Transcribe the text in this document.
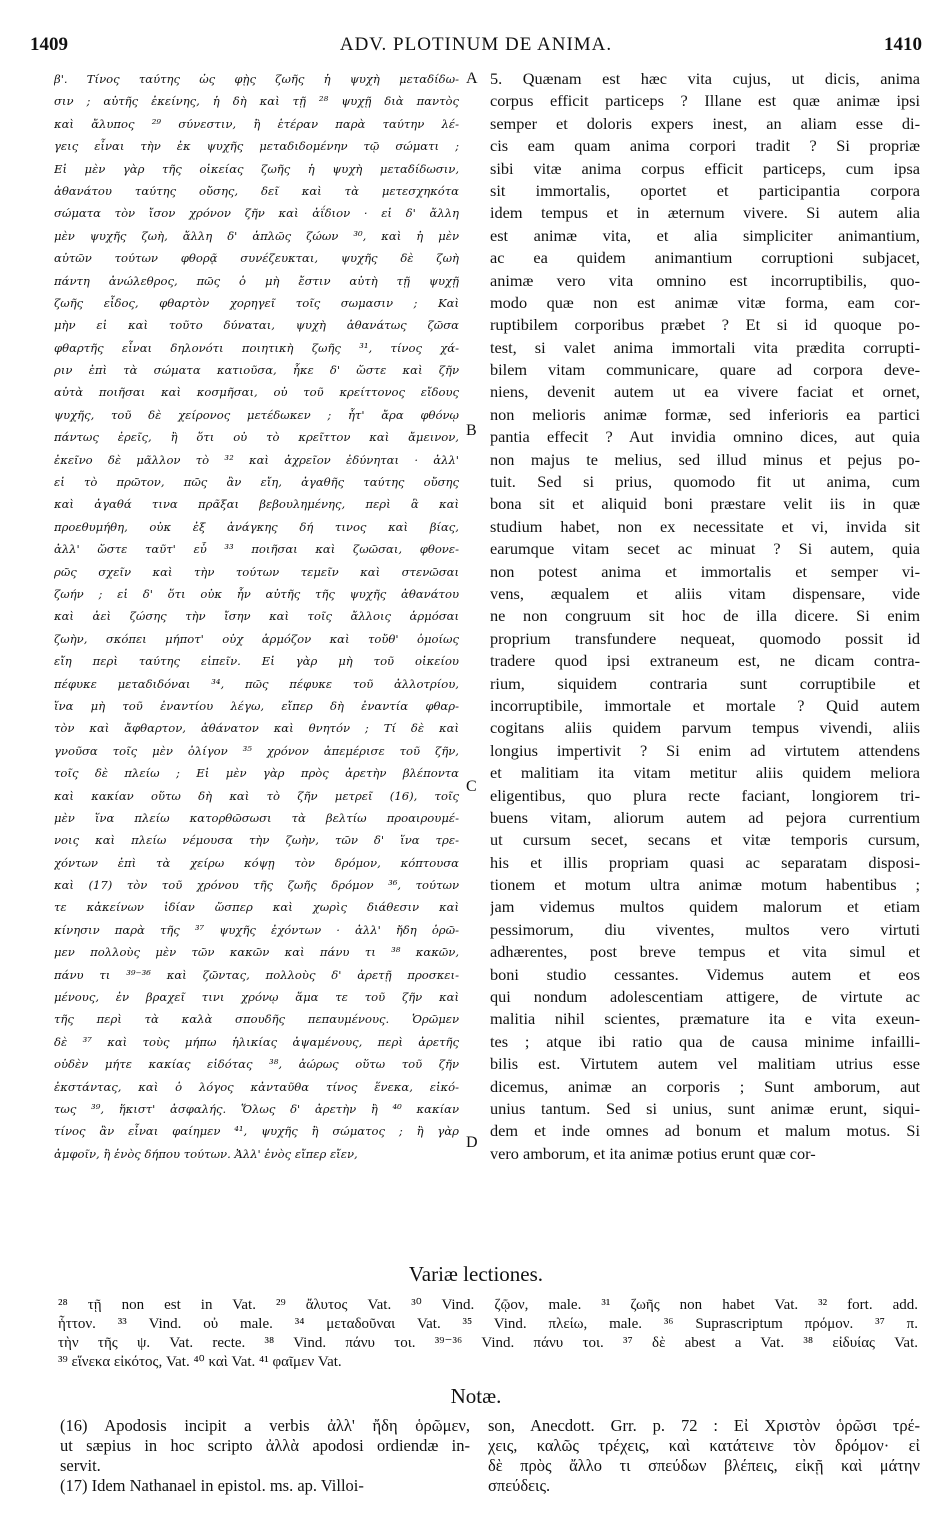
1409	ADV. PLOTINUM DE ANIMA.	1410
β'. Τίνος ταύτης ὡς φῂς ζωῆς ἡ ψυχὴ μεταδίδω-
σιν ; αὐτῆς ἐκείνης, ἡ δὴ καὶ τῇ ²⁸ ψυχῇ διὰ παντὸς
καὶ ἄλυπος ²⁹ σύνεστιν, ἢ ἑτέραν παρὰ ταύτην λέ-
γεις εἶναι τὴν ἐκ ψυχῆς μεταδιδομένην τῷ σώματι ;
Εἰ μὲν γὰρ τῆς οἰκείας ζωῆς ἡ ψυχὴ μεταδίδωσιν,
ἀθανάτου ταύτης οὔσης, δεῖ καὶ τὰ μετεσχηκότα
σώματα τὸν ἴσον χρόνον ζῆν καὶ ἀΐδιον · εἰ δ' ἄλλη
μὲν ψυχῆς ζωὴ, ἄλλη δ' ἁπλῶς ζώων ³⁰, καὶ ἡ μὲν
αὐτῶν τούτων φθορᾷ συνέζευκται, ψυχῆς δὲ ζωὴ
πάντη ἀνώλεθρος, πῶς ὁ μὴ ἔστιν αὐτὴ τῇ ψυχῇ
ζωῆς εἶδος, φθαρτὸν χορηγεῖ τοῖς σωμασιν ; Καὶ
μὴν εἰ καὶ τοῦτο δύναται, ψυχὴ ἀθανάτως ζῶσα
φθαρτῆς εἶναι δηλονότι ποιητικὴ ζωῆς ³¹, τίνος χά-
ριν ἐπὶ τὰ σώματα κατιοῦσα, ἧκε δ' ὥστε καὶ ζῆν
αὐτὰ ποιῆσαι καὶ κοσμῆσαι, οὐ τοῦ κρείττονος εἴδους
ψυχῆς, τοῦ δὲ χείρονος μετέδωκεν ; ἦτ' ἄρα φθόνῳ
πάντως ἐρεῖς, ἢ ὅτι οὐ τὸ κρεῖττον καὶ ἄμεινον,
ἐκεῖνο δὲ μᾶλλον τὸ ³² καὶ ἀχρεῖον ἐδύνηται · ἀλλ'
εἰ τὸ πρῶτον, πῶς ἂν εἴη, ἀγαθῆς ταύτης οὔσης
καὶ ἀγαθά τινα πρᾶξαι βεβουλημένης, περὶ ἃ καὶ
προεθυμήθη, οὐκ ἐξ ἀνάγκης δή τινος καὶ βίας,
ἀλλ' ὥστε ταῦτ' εὖ ³³ ποιῆσαι καὶ ζωῶσαι, φθονε-
ρῶς σχεῖν καὶ τὴν τούτων τεμεῖν καὶ στενῶσαι
ζωήν ; εἰ δ' ὅτι οὐκ ἦν αὐτῆς τῆς ψυχῆς ἀθανάτου
καὶ ἀεὶ ζώσης τὴν ἴσην καὶ τοῖς ἄλλοις ἁρμόσαι
ζωὴν, σκόπει μήποτ' οὐχ ἁρμόζον καὶ τοὔθ' ὁμοίως
εἴη περὶ ταύτης εἰπεῖν. Εἰ γὰρ μὴ τοῦ οἰκείου
πέφυκε μεταδιδόναι ³⁴, πῶς πέφυκε τοῦ ἀλλοτρίου,
ἵνα μὴ τοῦ ἐναντίου λέγω, εἴπερ δὴ ἐναντία φθαρ-
τὸν καὶ ἄφθαρτον, ἀθάνατον καὶ θνητόν ; Τί δὲ καὶ
γνοῦσα τοῖς μὲν ὀλίγον ³⁵ χρόνον ἀπεμέρισε τοῦ ζῆν,
τοῖς δὲ πλείω ; Εἰ μὲν γὰρ πρὸς ἀρετὴν βλέποντα
καὶ κακίαν οὕτω δὴ καὶ τὸ ζῆν μετρεῖ (16), τοῖς
μὲν ἵνα πλείω κατορθῶσωσι τὰ βελτίω προαιρουμέ-
νοις καὶ πλείω νέμουσα τὴν ζωὴν, τῶν δ' ἵνα τρε-
χόντων ἐπὶ τὰ χείρω κόψῃ τὸν δρόμον, κόπτουσα
καὶ (17) τὸν τοῦ χρόνου τῆς ζωῆς δρόμον ³⁶, τούτων
τε κἀκείνων ἰδίαν ὥσπερ καὶ χωρὶς διάθεσιν καὶ
κίνησιν παρὰ τῆς ³⁷ ψυχῆς ἐχόντων · ἀλλ' ἤδη ὁρῶ-
μεν πολλοὺς μὲν τῶν κακῶν καὶ πάνυ τι ³⁸ κακῶν,
πάνυ τι ³⁹⁻³⁶ καὶ ζῶντας, πολλοὺς δ' ἀρετῇ προσκει-
μένους, ἐν βραχεῖ τινι χρόνῳ ἅμα τε τοῦ ζῆν καὶ
τῆς περὶ τὰ καλὰ σπουδῆς πεπαυμένους. Ὁρῶμεν
δὲ ³⁷ καὶ τοὺς μήπω ἡλικίας ἀψαμένους, περὶ ἀρετῆς
οὐδὲν μήτε κακίας εἰδότας ³⁸, ἀώρως οὕτω τοῦ ζῆν
ἐκστάντας, καὶ ὁ λόγος κἀνταῦθα τίνος ἕνεκα, εἰκό-
τως ³⁹, ἥκιστ' ἀσφαλής. Ὅλως δ' ἀρετὴν ἢ ⁴⁰ κακίαν
τίνος ἂν εἶναι φαίημεν ⁴¹, ψυχῆς ἢ σώματος ; ἢ γὰρ
ἀμφοῖν, ἢ ἑνὸς δήπου τούτων. Ἀλλ' ἑνὸς εἴπερ εἴεν,
5. Quænam est hæc vita cujus, ut dicis, anima
corpus efficit particeps ? Illane est quæ animæ ipsi
semper et doloris expers inest, an aliam esse di-
cis eam quam anima corpori tradit ? Si propriæ
sibi vitæ anima corpus efficit particeps, cum ipsa
sit immortalis, oportet et participantia corpora
idem tempus et in æternum vivere. Si autem alia
est animæ vita, et alia simpliciter animantium,
ac ea quidem animantium corruptioni subjacet,
animæ vero vita omnino est incorruptibilis, quo-
modo quæ non est animæ vitæ forma, eam cor-
ruptibilem corporibus præbet ? Et si id quoque po-
test, si valet anima immortali vita prædita corrupti-
bilem vitam communicare, quare ad corpora deve-
niens, devenit autem ut ea vivere faciat et ornet,
non melioris animæ formæ, sed inferioris ea partici
pantia effecit ? Aut invidia omnino dices, aut quia
non majus te melius, sed illud minus et pejus po-
tuit. Sed si prius, quomodo fit ut anima, cum
bona sit et aliquid boni præstare velit iis in quæ
studium habet, non ex necessitate et vi, invida sit
earumque vitam secet ac minuat ? Si autem, quia
non potest anima et immortalis et semper vi-
vens, æqualem et aliis vitam dispensare, vide
ne non congruum sit hoc de illa dicere. Si enim
proprium transfundere nequeat, quomodo possit id
tradere quod ipsi extraneum est, ne dicam contra-
rium, siquidem contraria sunt corruptibile et
incorruptibile, immortale et mortale ? Quid autem
cogitans aliis quidem parvum tempus vivendi, aliis
longius impertivit ? Si enim ad virtutem attendens
et malitiam ita vitam metitur aliis quidem meliora
eligentibus, quo plura recte faciant, longiorem tri-
buens vitam, aliorum autem ad pejora currentium
ut cursum secet, secans et vitæ temporis cursum,
his et illis propriam quasi ac separatam disposi-
tionem et motum ultra animæ motum habentibus ;
jam videmus multos quidem malorum et etiam
pessimorum, diu viventes, multos vero virtuti
adhærentes, post breve tempus et vita simul et
boni studio cessantes. Videmus autem et eos
qui nondum adolescentiam attigere, de virtute ac
malitia nihil scientes, præmature ita e vita exeun-
tes ; atque ibi ratio qua de causa minime infailli-
bilis est. Virtutem autem vel malitiam utrius esse
dicemus, animæ an corporis ; Sunt amborum, aut
unius tantum. Sed si unius, sunt animæ erunt, siqui-
dem et inde omnes ad bonum et malum motus. Si
vero amborum, et ita animæ potius erunt quæ cor-
A
B
C
D
Variæ lectiones.
²⁸ τῇ non est in Vat. ²⁹ ἄλυτος Vat. ³⁰ Vind. ζῷον, male. ³¹ ζωῆς non habet Vat. ³² fort. add.
ἧττον. ³³ Vind. οὐ male. ³⁴ μεταδοῦναι Vat. ³⁵ Vind. πλείω, male. ³⁶ Suprascriptum πρόμον. ³⁷ π.
τὴν τῆς ψ. Vat. recte. ³⁸ Vind. πάνυ τοι. ³⁹⁻³⁶ Vind. πάνυ τοι. ³⁷ δὲ abest a Vat. ³⁸ εἰδυίας Vat.
³⁹ εἵνεκα εἰκότος, Vat. ⁴⁰ καὶ Vat. ⁴¹ φαῖμεν Vat.
Notæ.
(16) Apodosis incipit a verbis ἀλλ' ἤδη ὁρῶμεν,
ut sæpius in hoc scripto ἀλλὰ apodosi ordiendæ in-
servit.
(17) Idem Nathanael in epistol. ms. ap. Villoi-
son, Anecdott. Grr. p. 72 : Εἰ Χριστὸν ὁρῶσι τρέ-
χεις, καλῶς τρέχεις, καὶ κατάτεινε τὸν δρόμον· εἰ
δὲ πρὸς ἄλλο τι σπεύδων βλέπεις, εἰκῇ καὶ μάτην
σπεύδεις.
